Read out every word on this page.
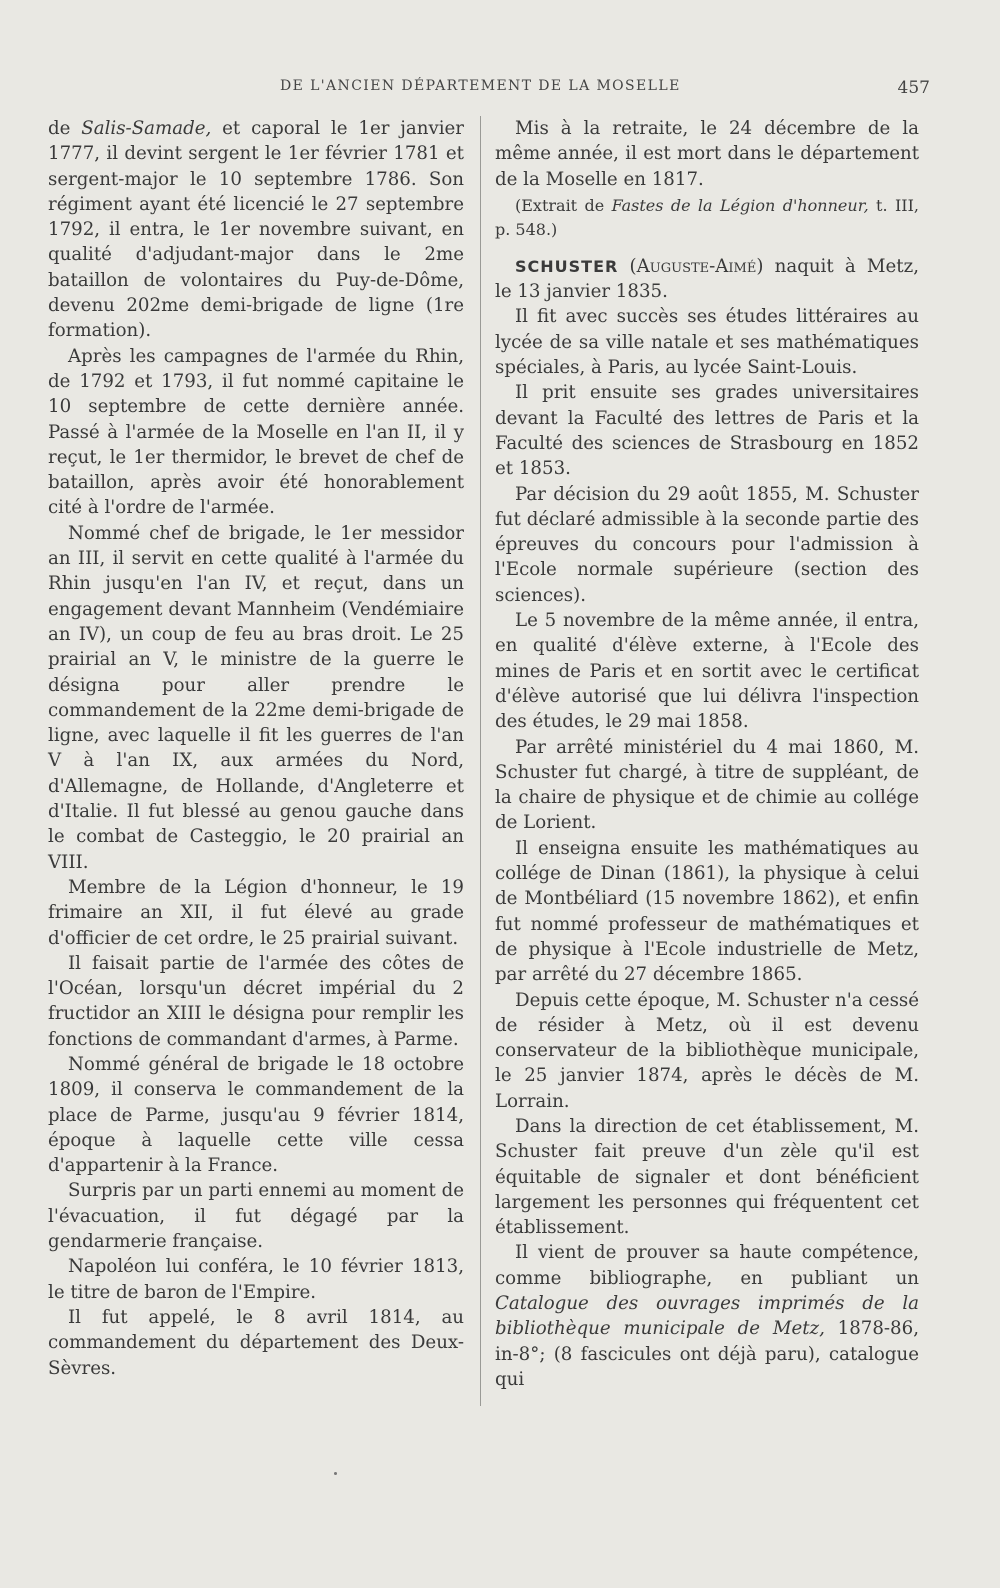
DE L'ANCIEN DÉPARTEMENT DE LA MOSELLE	457

de Salis-Samade, et caporal le 1er janvier 1777, il devint sergent le 1er février 1781 et sergent-major le 10 septembre 1786. Son régiment ayant été licencié le 27 septembre 1792, il entra, le 1er novembre suivant, en qualité d'adjudant-major dans le 2me bataillon de volontaires du Puy-de-Dôme, devenu 202me demi-brigade de ligne (1re formation).

Après les campagnes de l'armée du Rhin, de 1792 et 1793, il fut nommé capitaine le 10 septembre de cette dernière année. Passé à l'armée de la Moselle en l'an II, il y reçut, le 1er thermidor, le brevet de chef de bataillon, après avoir été honorablement cité à l'ordre de l'armée.

Nommé chef de brigade, le 1er messidor an III, il servit en cette qualité à l'armée du Rhin jusqu'en l'an IV, et reçut, dans un engagement devant Mannheim (Vendémiaire an IV), un coup de feu au bras droit. Le 25 prairial an V, le ministre de la guerre le désigna pour aller prendre le commandement de la 22me demi-brigade de ligne, avec laquelle il fit les guerres de l'an V à l'an IX, aux armées du Nord, d'Allemagne, de Hollande, d'Angleterre et d'Italie. Il fut blessé au genou gauche dans le combat de Casteggio, le 20 prairial an VIII.

Membre de la Légion d'honneur, le 19 frimaire an XII, il fut élevé au grade d'officier de cet ordre, le 25 prairial suivant.

Il faisait partie de l'armée des côtes de l'Océan, lorsqu'un décret impérial du 2 fructidor an XIII le désigna pour remplir les fonctions de commandant d'armes, à Parme.

Nommé général de brigade le 18 octobre 1809, il conserva le commandement de la place de Parme, jusqu'au 9 février 1814, époque à laquelle cette ville cessa d'appartenir à la France.

Surpris par un parti ennemi au moment de l'évacuation, il fut dégagé par la gendarmerie française.

Napoléon lui conféra, le 10 février 1813, le titre de baron de l'Empire.

Il fut appelé, le 8 avril 1814, au commandement du département des Deux-Sèvres.

Mis à la retraite, le 24 décembre de la même année, il est mort dans le département de la Moselle en 1817.

(Extrait de Fastes de la Légion d'honneur, t. III, p. 548.)

SCHUSTER (Auguste-Aimé) naquit à Metz, le 13 janvier 1835.

Il fit avec succès ses études littéraires au lycée de sa ville natale et ses mathématiques spéciales, à Paris, au lycée Saint-Louis.

Il prit ensuite ses grades universitaires devant la Faculté des lettres de Paris et la Faculté des sciences de Strasbourg en 1852 et 1853.

Par décision du 29 août 1855, M. Schuster fut déclaré admissible à la seconde partie des épreuves du concours pour l'admission à l'Ecole normale supérieure (section des sciences).

Le 5 novembre de la même année, il entra, en qualité d'élève externe, à l'Ecole des mines de Paris et en sortit avec le certificat d'élève autorisé que lui délivra l'inspection des études, le 29 mai 1858.

Par arrêté ministériel du 4 mai 1860, M. Schuster fut chargé, à titre de suppléant, de la chaire de physique et de chimie au collége de Lorient.

Il enseigna ensuite les mathématiques au collége de Dinan (1861), la physique à celui de Montbéliard (15 novembre 1862), et enfin fut nommé professeur de mathématiques et de physique à l'Ecole industrielle de Metz, par arrêté du 27 décembre 1865.

Depuis cette époque, M. Schuster n'a cessé de résider à Metz, où il est devenu conservateur de la bibliothèque municipale, le 25 janvier 1874, après le décès de M. Lorrain.

Dans la direction de cet établissement, M. Schuster fait preuve d'un zèle qu'il est équitable de signaler et dont bénéficient largement les personnes qui fréquentent cet établissement.

Il vient de prouver sa haute compétence, comme bibliographe, en publiant un Catalogue des ouvrages imprimés de la bibliothèque municipale de Metz, 1878-86, in-8°; (8 fascicules ont déjà paru), catalogue qui
